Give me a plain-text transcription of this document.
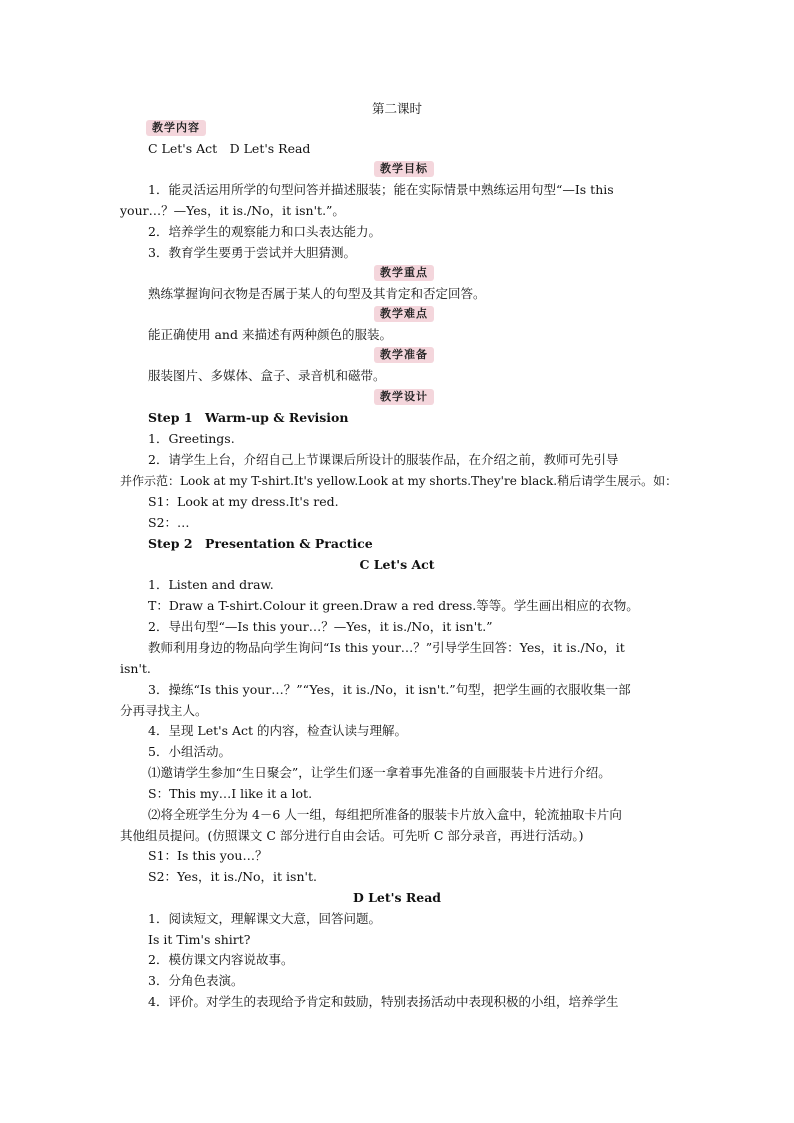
第二课时
教学内容
C Let's Act　D Let's Read
教学目标
1．能灵活运用所学的句型问答并描述服装；能在实际情景中熟练运用句型“—Is this
your…？—Yes，it is./No，it isn't.”。
2．培养学生的观察能力和口头表达能力。
3．教育学生要勇于尝试并大胆猜测。
教学重点
熟练掌握询问衣物是否属于某人的句型及其肯定和否定回答。
教学难点
能正确使用 and 来描述有两种颜色的服装。
教学准备
服装图片、多媒体、盒子、录音机和磁带。
教学设计
Step 1　Warm-up & Revision
1．Greetings.
2．请学生上台，介绍自己上节课课后所设计的服装作品，在介绍之前，教师可先引导
并作示范：Look at my T-shirt.It's yellow.Look at my shorts.They're black.稍后请学生展示。如：
S1：Look at my dress.It's red.
S2：…
Step 2　Presentation & Practice
C Let's Act
1．Listen and draw.
T：Draw a T-shirt.Colour it green.Draw a red dress.等等。学生画出相应的衣物。
2．导出句型“—Is this your…？—Yes，it is./No，it isn't.”
教师利用身边的物品向学生询问“Is this your…？”引导学生回答：Yes，it is./No，it
isn't.
3．操练“Is this your…？”“Yes，it is./No，it isn't.”句型，把学生画的衣服收集一部
分再寻找主人。
4．呈现 Let's Act 的内容，检查认读与理解。
5．小组活动。
⑴邀请学生参加“生日聚会”，让学生们逐一拿着事先准备的自画服装卡片进行介绍。
S：This my…I like it a lot.
⑵将全班学生分为 4－6 人一组，每组把所准备的服装卡片放入盒中，轮流抽取卡片向
其他组员提问。(仿照课文 C 部分进行自由会话。可先听 C 部分录音，再进行活动。)
S1：Is this you…？
S2：Yes，it is./No，it isn't.
D Let's Read
1．阅读短文，理解课文大意，回答问题。
Is it Tim's shirt?
2．模仿课文内容说故事。
3．分角色表演。
4．评价。对学生的表现给予肯定和鼓励，特别表扬活动中表现积极的小组，培养学生
